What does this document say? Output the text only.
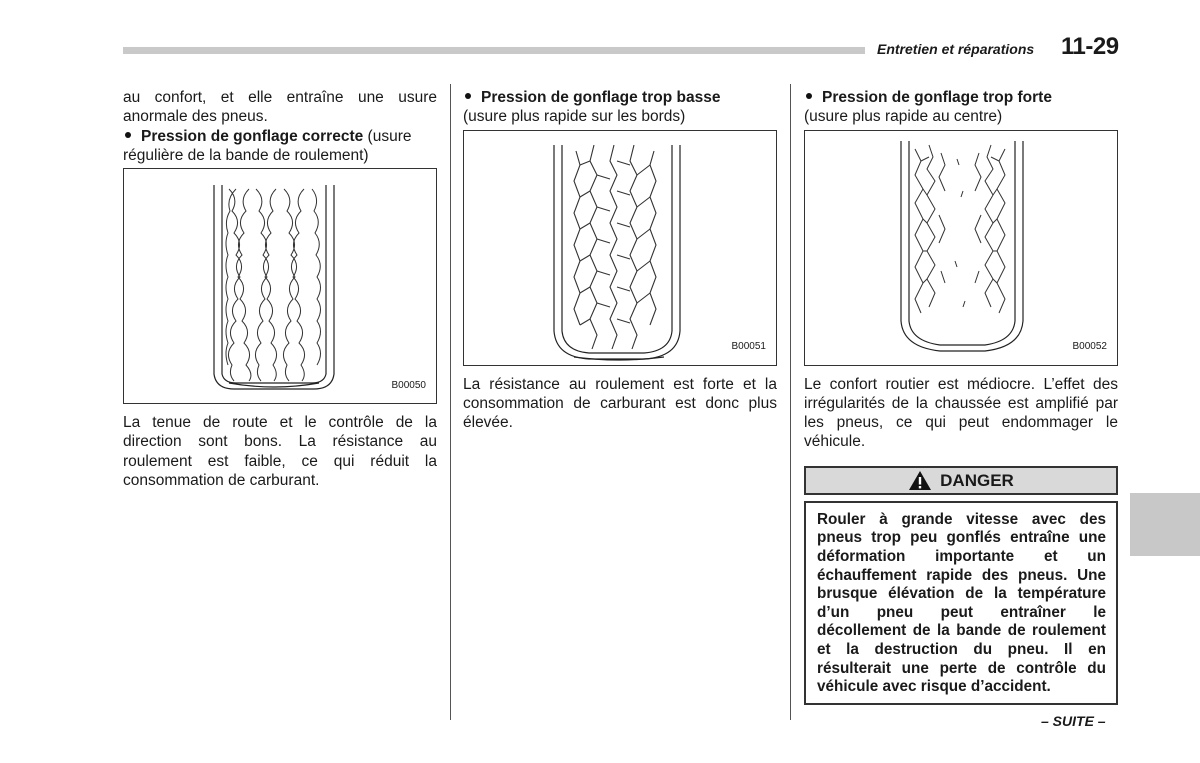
Entretien et réparations 11-29

au confort, et elle entraîne une usure anormale des pneus.

Pression de gonflage correcte (usure régulière de la bande de roulement)

B00050

La tenue de route et le contrôle de la direction sont bons. La résistance au roulement est faible, ce qui réduit la consommation de carburant.

Pression de gonflage trop basse

(usure plus rapide sur les bords)

B00051

La résistance au roulement est forte et la consommation de carburant est donc plus élevée.

Pression de gonflage trop forte

(usure plus rapide au centre)

B00052

Le confort routier est médiocre. L’effet des irrégularités de la chaussée est amplifié par les pneus, ce qui peut endommager le véhicule.

DANGER

Rouler à grande vitesse avec des pneus trop peu gonflés entraîne une déformation importante et un échauffement rapide des pneus. Une brusque élévation de la température d’un pneu peut entraîner le décollement de la bande de roulement et la destruction du pneu. Il en résulterait une perte de contrôle du véhicule avec risque d’accident.

– SUITE –
